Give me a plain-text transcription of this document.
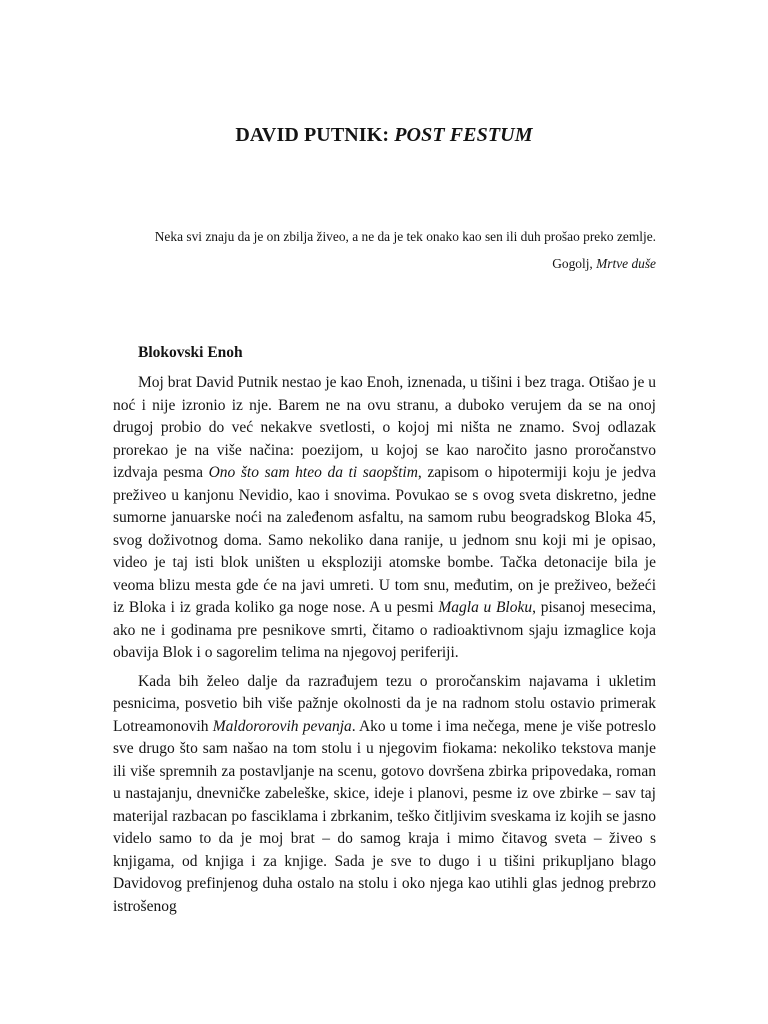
DAVID PUTNIK: POST FESTUM
Neka svi znaju da je on zbilja živeo, a ne da je tek onako kao sen ili duh prošao preko zemlje.
Gogolj, Mrtve duše
Blokovski Enoh

Moj brat David Putnik nestao je kao Enoh, iznenada, u tišini i bez traga. Otišao je u noć i nije izronio iz nje. Barem ne na ovu stranu, a duboko verujem da se na onoj drugoj probio do već nekakve svetlosti, o kojoj mi ništa ne znamo. Svoj odlazak prorekao je na više načina: poezijom, u kojoj se kao naročito jasno proročanstvo izdvaja pesma Ono što sam hteo da ti saopštim, zapisom o hipotermiji koju je jedva preživeo u kanjonu Nevidio, kao i snovima. Povukao se s ovog sveta diskretno, jedne sumorne januarske noći na zaleđenom asfaltu, na samom rubu beogradskog Bloka 45, svog doživotnog doma. Samo nekoliko dana ranije, u jednom snu koji mi je opisao, video je taj isti blok uništen u eksploziji atomske bombe. Tačka detonacije bila je veoma blizu mesta gde će na javi umreti. U tom snu, međutim, on je preživeo, bežeći iz Bloka i iz grada koliko ga noge nose. A u pesmi Magla u Bloku, pisanoj mesecima, ako ne i godinama pre pesnikove smrti, čitamo o radioaktivnom sjaju izmaglice koja obavija Blok i o sagorelim telima na njegovoj periferiji.

Kada bih želeo dalje da razrađujem tezu o proročanskim najavama i ukletim pesnicima, posvetio bih više pažnje okolnosti da je na radnom stolu ostavio primerak Lotreamonovih Maldororovih pevanja. Ako u tome i ima nečega, mene je više potreslo sve drugo što sam našao na tom stolu i u njegovim fiokama: nekoliko tekstova manje ili više spremnih za postavljanje na scenu, gotovo dovršena zbirka pripovedaka, roman u nastajanju, dnevničke zabeleške, skice, ideje i planovi, pesme iz ove zbirke – sav taj materijal razbacan po fasciklama i zbrkanim, teško čitljivim sveskama iz kojih se jasno videlo samo to da je moj brat – do samog kraja i mimo čitavog sveta – živeo s knjigama, od knjiga i za knjige. Sada je sve to dugo i u tišini prikupljano blago Davidovog prefinjenog duha ostalo na stolu i oko njega kao utihli glas jednog prebrzo istrošenog
